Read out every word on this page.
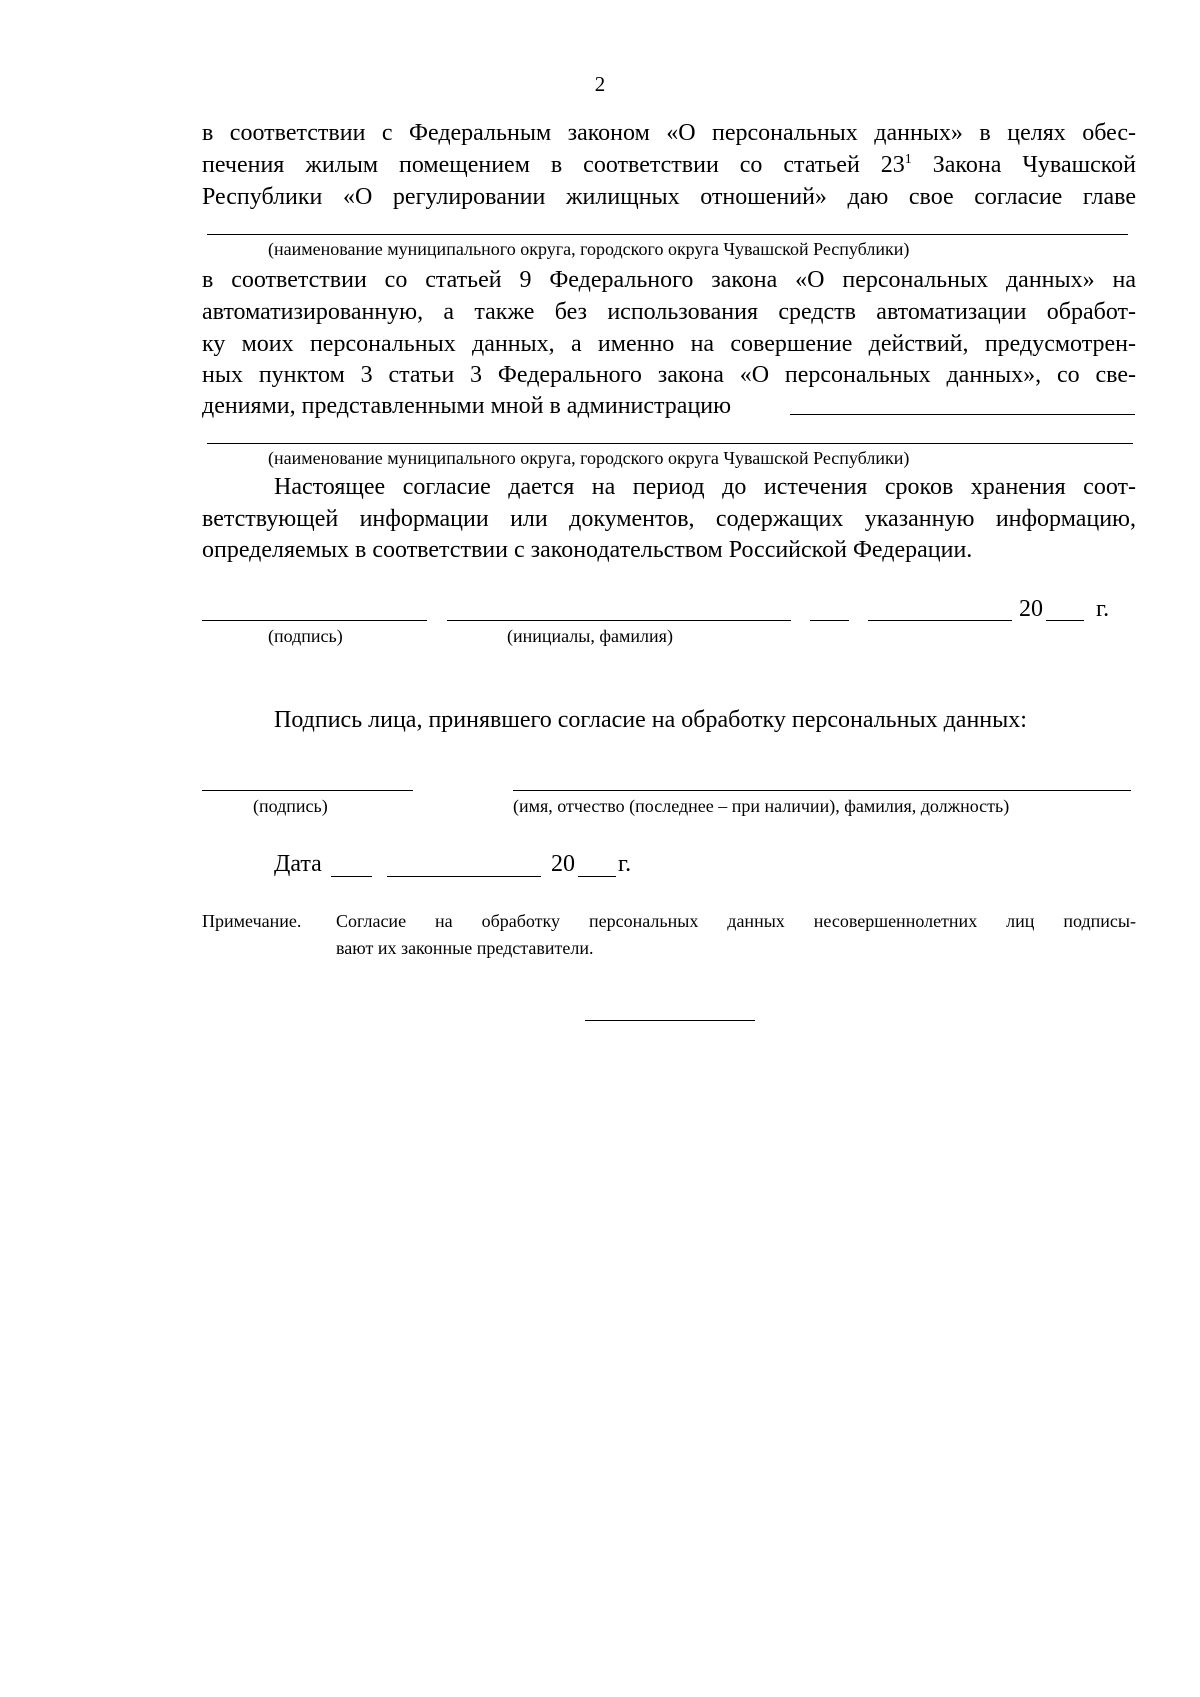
2

в соответствии с Федеральным законом «О персональных данных» в целях обес-

печения жилым помещением в соответствии со статьей $23^1$ Закона Чувашской

Республики «О регулировании жилищных отношений» даю свое согласие главе

(наименование муниципального округа, городского округа Чувашской Республики)

в соответствии со статьей 9 Федерального закона «О персональных данных» на

автоматизированную, а также без использования средств автоматизации обработ-

ку моих персональных данных, а именно на совершение действий, предусмотрен-

ных пунктом 3 статьи 3 Федерального закона «О персональных данных», со све-

дениями, представленными мной в администрацию

(наименование муниципального округа, городского округа Чувашской Республики)

Настоящее согласие дается на период до истечения сроков хранения соот-

ветствующей информации или документов, содержащих указанную информацию,

определяемых в соответствии с законодательством Российской Федерации.

20 г.
(подпись)	(инициалы, фамилия)
Подпись лица, принявшего согласие на обработку персональных данных:
(подпись)	(имя, отчество (последнее – при наличии), фамилия, должность)
Дата	20 г.
Примечание. Согласие на обработку персональных данных несовершеннолетних лиц подписы-

вают их законные представители.
